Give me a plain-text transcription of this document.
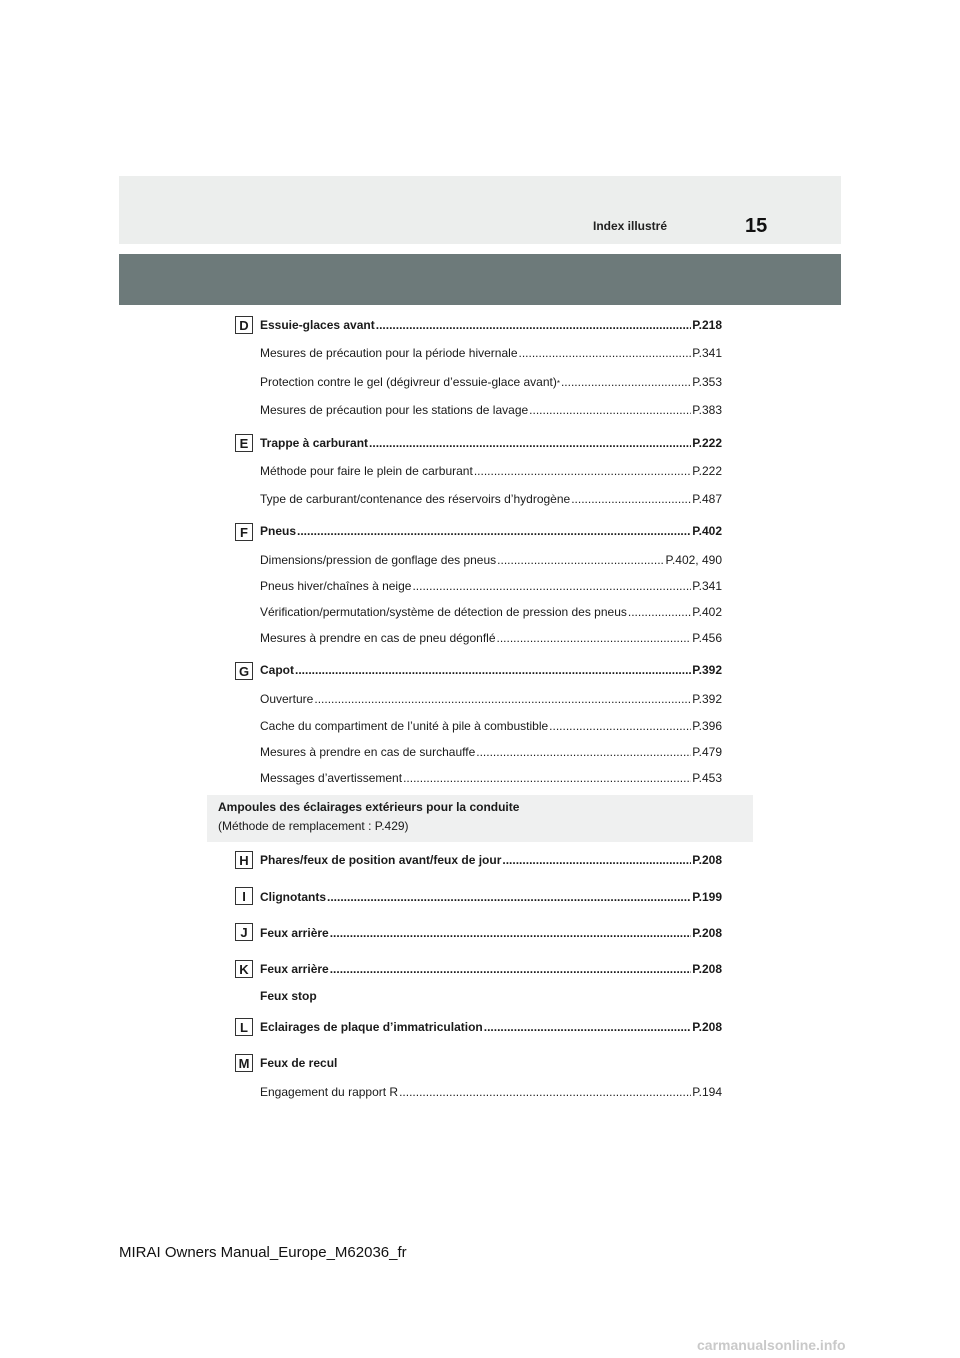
Index illustré	15
Ampoules des éclairages extérieurs pour la conduite
(Méthode de remplacement : P.429)
D Essuie-glaces avant .....	P.218
Mesures de précaution pour la période hivernale .....	P.341
Protection contre le gel (dégivreur d’essuie-glace avant) * .....	P.353
Mesures de précaution pour les stations de lavage .....	P.383
E Trappe à carburant .....	P.222
Méthode pour faire le plein de carburant .....	P.222
Type de carburant/contenance des réservoirs d’hydrogène .....	P.487
F	Pneus .....	P.402
Dimensions/pression de gonflage des pneus .....	P.402, 490
Pneus hiver/chaînes à neige .....	P.341
Vérification/permutation/système de détection de pression des pneus .....	P.402
Mesures à prendre en cas de pneu dégonflé .....	P.456
G Capot .....	P.392
Ouverture .....	P.392
Cache du compartiment de l’unité à pile à combustible .....	P.396
Mesures à prendre en cas de surchauffe .....	P.479
Messages d’avertissement .....	P.453
H Phares/feux de position avant/feux de jour .....	P.208
I	Clignotants .....	P.199
J	Feux arrière .....	P.208
K Feux arrière .....	P.208
Feux stop
L	Eclairages de plaque d’immatriculation .....	P.208
M Feux de recul
Engagement du rapport R .....	P.194
MIRAI Owners Manual_Europe_M62036_fr
carmanualsonline.info
